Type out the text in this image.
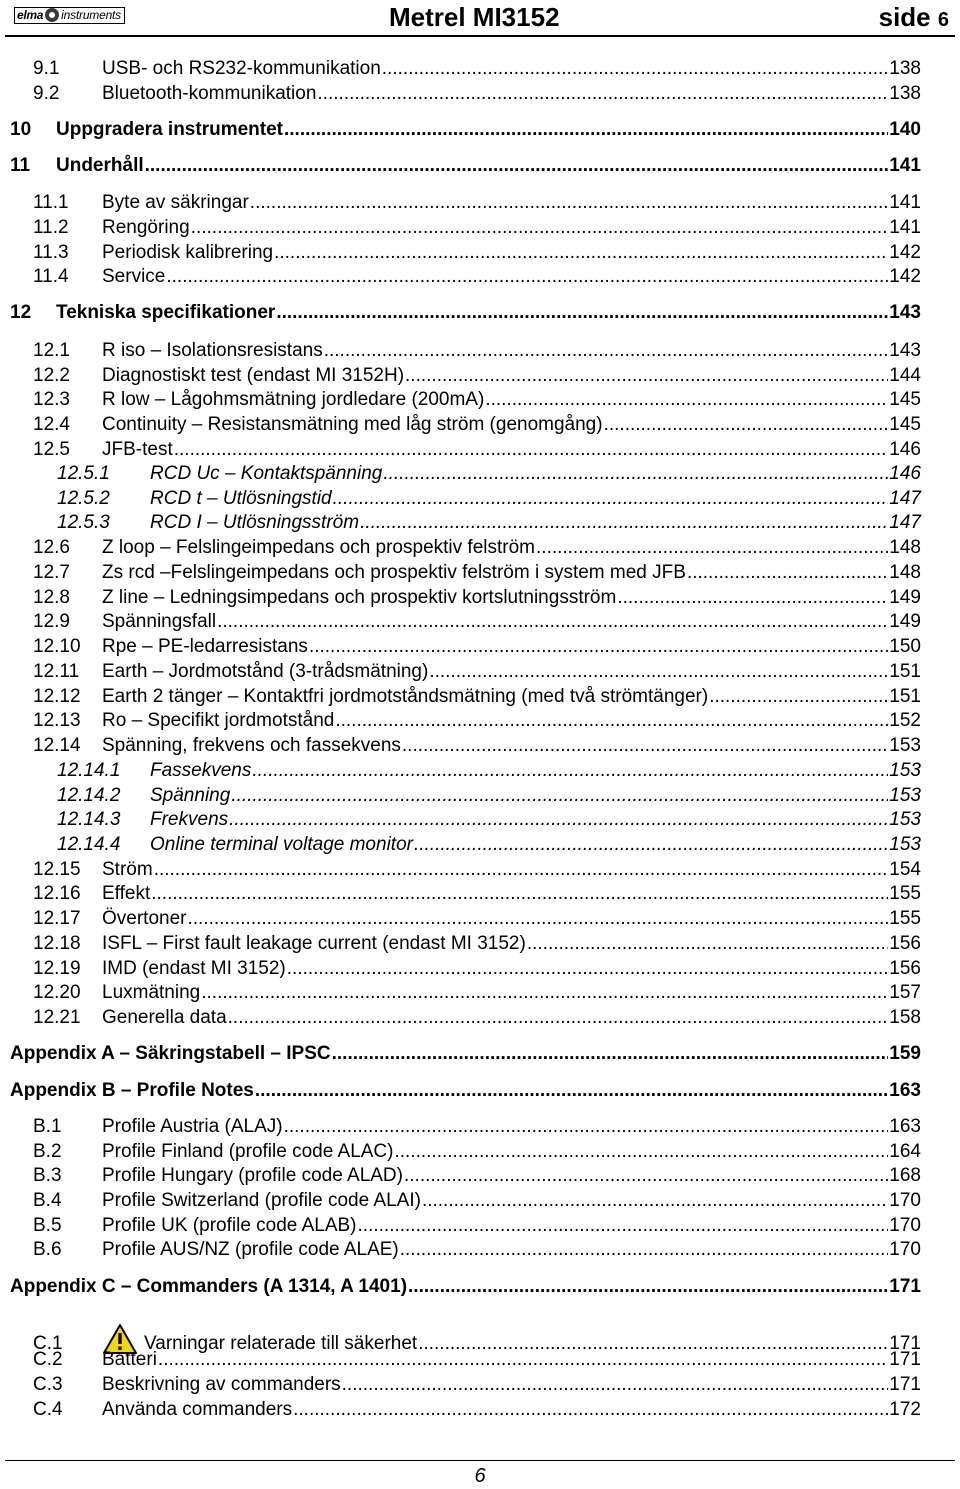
elma instruments	Metrel MI3152	side 6
9.1	USB- och RS232-kommunikation .....	138
9.2	Bluetooth-kommunikation .....	138
10	Uppgradera instrumentet .....	140
11	Underhåll .....	141
11.1	Byte av säkringar .....	141
11.2	Rengöring .....	141
11.3	Periodisk kalibrering .....	142
11.4	Service .....	142
12	Tekniska specifikationer .....	143
12.1	R iso – Isolationsresistans .....	143
12.2	Diagnostiskt test (endast MI 3152H) .....	144
12.3	R low – Lågohmsmätning jordledare (200mA) .....	145
12.4	Continuity – Resistansmätning med låg ström (genomgång) .....	145
12.5	JFB-test .....	146
12.5.1	RCD Uc – Kontaktspänning .....	146
12.5.2	RCD t – Utlösningstid .....	147
12.5.3	RCD I – Utlösningsström .....	147
12.6	Z loop – Felslingeimpedans och prospektiv felström .....	148
12.7	Zs rcd –Felslingeimpedans och prospektiv felström i system med JFB .....	148
12.8	Z line – Ledningsimpedans och prospektiv kortslutningsström .....	149
12.9	Spänningsfall .....	149
12.10	Rpe – PE-ledarresistans .....	150
12.11	Earth – Jordmotstånd (3-trådsmätning) .....	151
12.12	Earth 2 tänger – Kontaktfri jordmotståndsmätning (med två strömtänger) .....	151
12.13	Ro – Specifikt jordmotstånd .....	152
12.14	Spänning, frekvens och fassekvens .....	153
12.14.1	Fassekvens .....	153
12.14.2	Spänning .....	153
12.14.3	Frekvens .....	153
12.14.4	Online terminal voltage monitor .....	153
12.15	Ström .....	154
12.16	Effekt .....	155
12.17	Övertoner .....	155
12.18	ISFL – First fault leakage current (endast MI 3152) .....	156
12.19	IMD (endast MI 3152) .....	156
12.20	Luxmätning .....	157
12.21	Generella data .....	158
Appendix A – Säkringstabell – IPSC .....	159
Appendix B – Profile Notes .....	163
B.1	Profile Austria (ALAJ) .....	163
B.2	Profile Finland (profile code ALAC) .....	164
B.3	Profile Hungary (profile code ALAD) .....	168
B.4	Profile Switzerland (profile code ALAI) .....	170
B.5	Profile UK (profile code ALAB) .....	170
B.6	Profile AUS/NZ (profile code ALAE) .....	170
Appendix C – Commanders (A 1314, A 1401) .....	171
C.1	Varningar relaterade till säkerhet .....	171
C.2	Batteri .....	171
C.3	Beskrivning av commanders .....	171
C.4	Använda commanders .....	172
6
